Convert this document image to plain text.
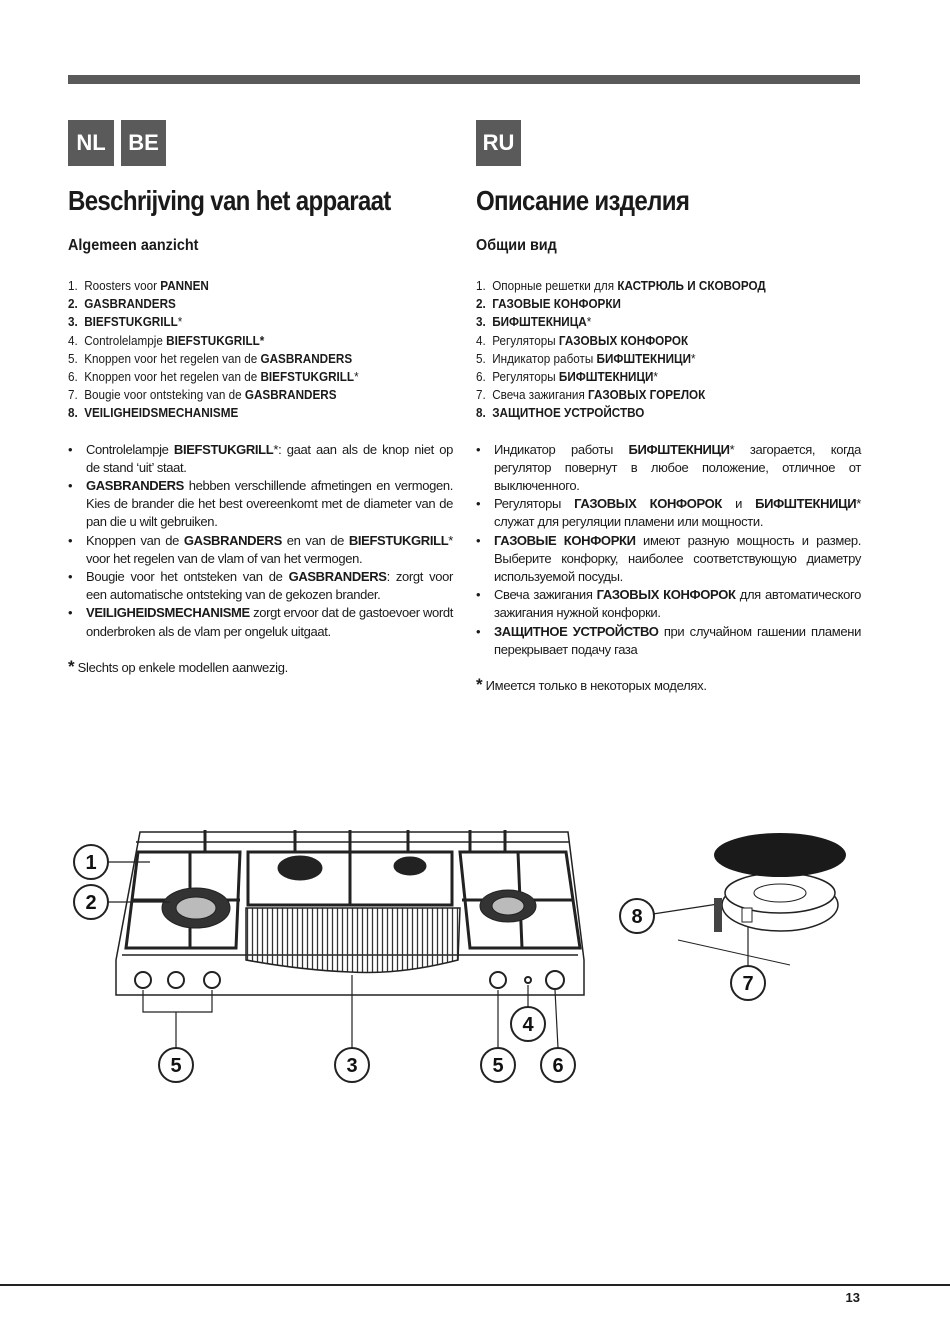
NL	BE	RU
Beschrijving van het apparaat
Algemeen aanzicht
1. Roosters voor PANNEN
2. GASBRANDERS
3. BIEFSTUKGRILL*
4. Controlelampje BIEFSTUKGRILL*
5. Knoppen voor het regelen van de GASBRANDERS
6. Knoppen voor het regelen van de BIEFSTUKGRILL*
7. Bougie voor ontsteking van de GASBRANDERS
8. VEILIGHEIDSMECHANISME
• Controlelampje BIEFSTUKGRILL*: gaat aan als de knop niet op de stand ‘uit’ staat.
• GASBRANDERS hebben verschillende afmetingen en vermogen. Kies de brander die het best overeenkomt met de diameter van de pan die u wilt gebruiken.
• Knoppen van de GASBRANDERS en van de BIEFSTUKGRILL* voor het regelen van de vlam of van het vermogen.
• Bougie voor het ontsteken van de GASBRANDERS: zorgt voor een automatische ontsteking van de gekozen brander.
• VEILIGHEIDSMECHANISME zorgt ervoor dat de gastoevoer wordt onderbroken als de vlam per ongeluk uitgaat.
* Slechts op enkele modellen aanwezig.
Описание изделия
Общии вид
1. Опорные решетки для КАСТРЮЛЬ И СКОВОРОД
2. ГАЗОВЫЕ КОНФОРКИ
3. БИФШТЕКНИЦА*
4. Регуляторы ГАЗОВЫХ КОНФОРОК
5. Индикатор работы БИФШТЕКНИЦИ*
6. Регуляторы БИФШТЕКНИЦИ*
7. Свеча зажигания ГАЗОВЫХ ГОРЕЛОК
8. ЗАЩИТНОЕ УСТРОЙСТВО
• Индикатор работы БИФШТЕКНИЦИ* загорается, когда регулятор повернут в любое положение, отличное от выключенного.
• Регуляторы ГАЗОВЫХ КОНФОРОК и БИФШТЕКНИЦИ* служат для регуляции пламени или мощности.
• ГАЗОВЫЕ КОНФОРКИ имеют разную мощность и размер. Выберите конфорку, наиболее соответствующую диаметру используемой посуды.
• Свеча зажигания ГАЗОВЫХ КОНФОРОК для автоматического зажигания нужной конфорки.
• ЗАЩИТНОЕ УСТРОЙСТВО при случайном гашении пламени перекрывает подачу газа
* Имеется только в некоторых моделях.
1
2
3
4
5	5 6
7
8
13
